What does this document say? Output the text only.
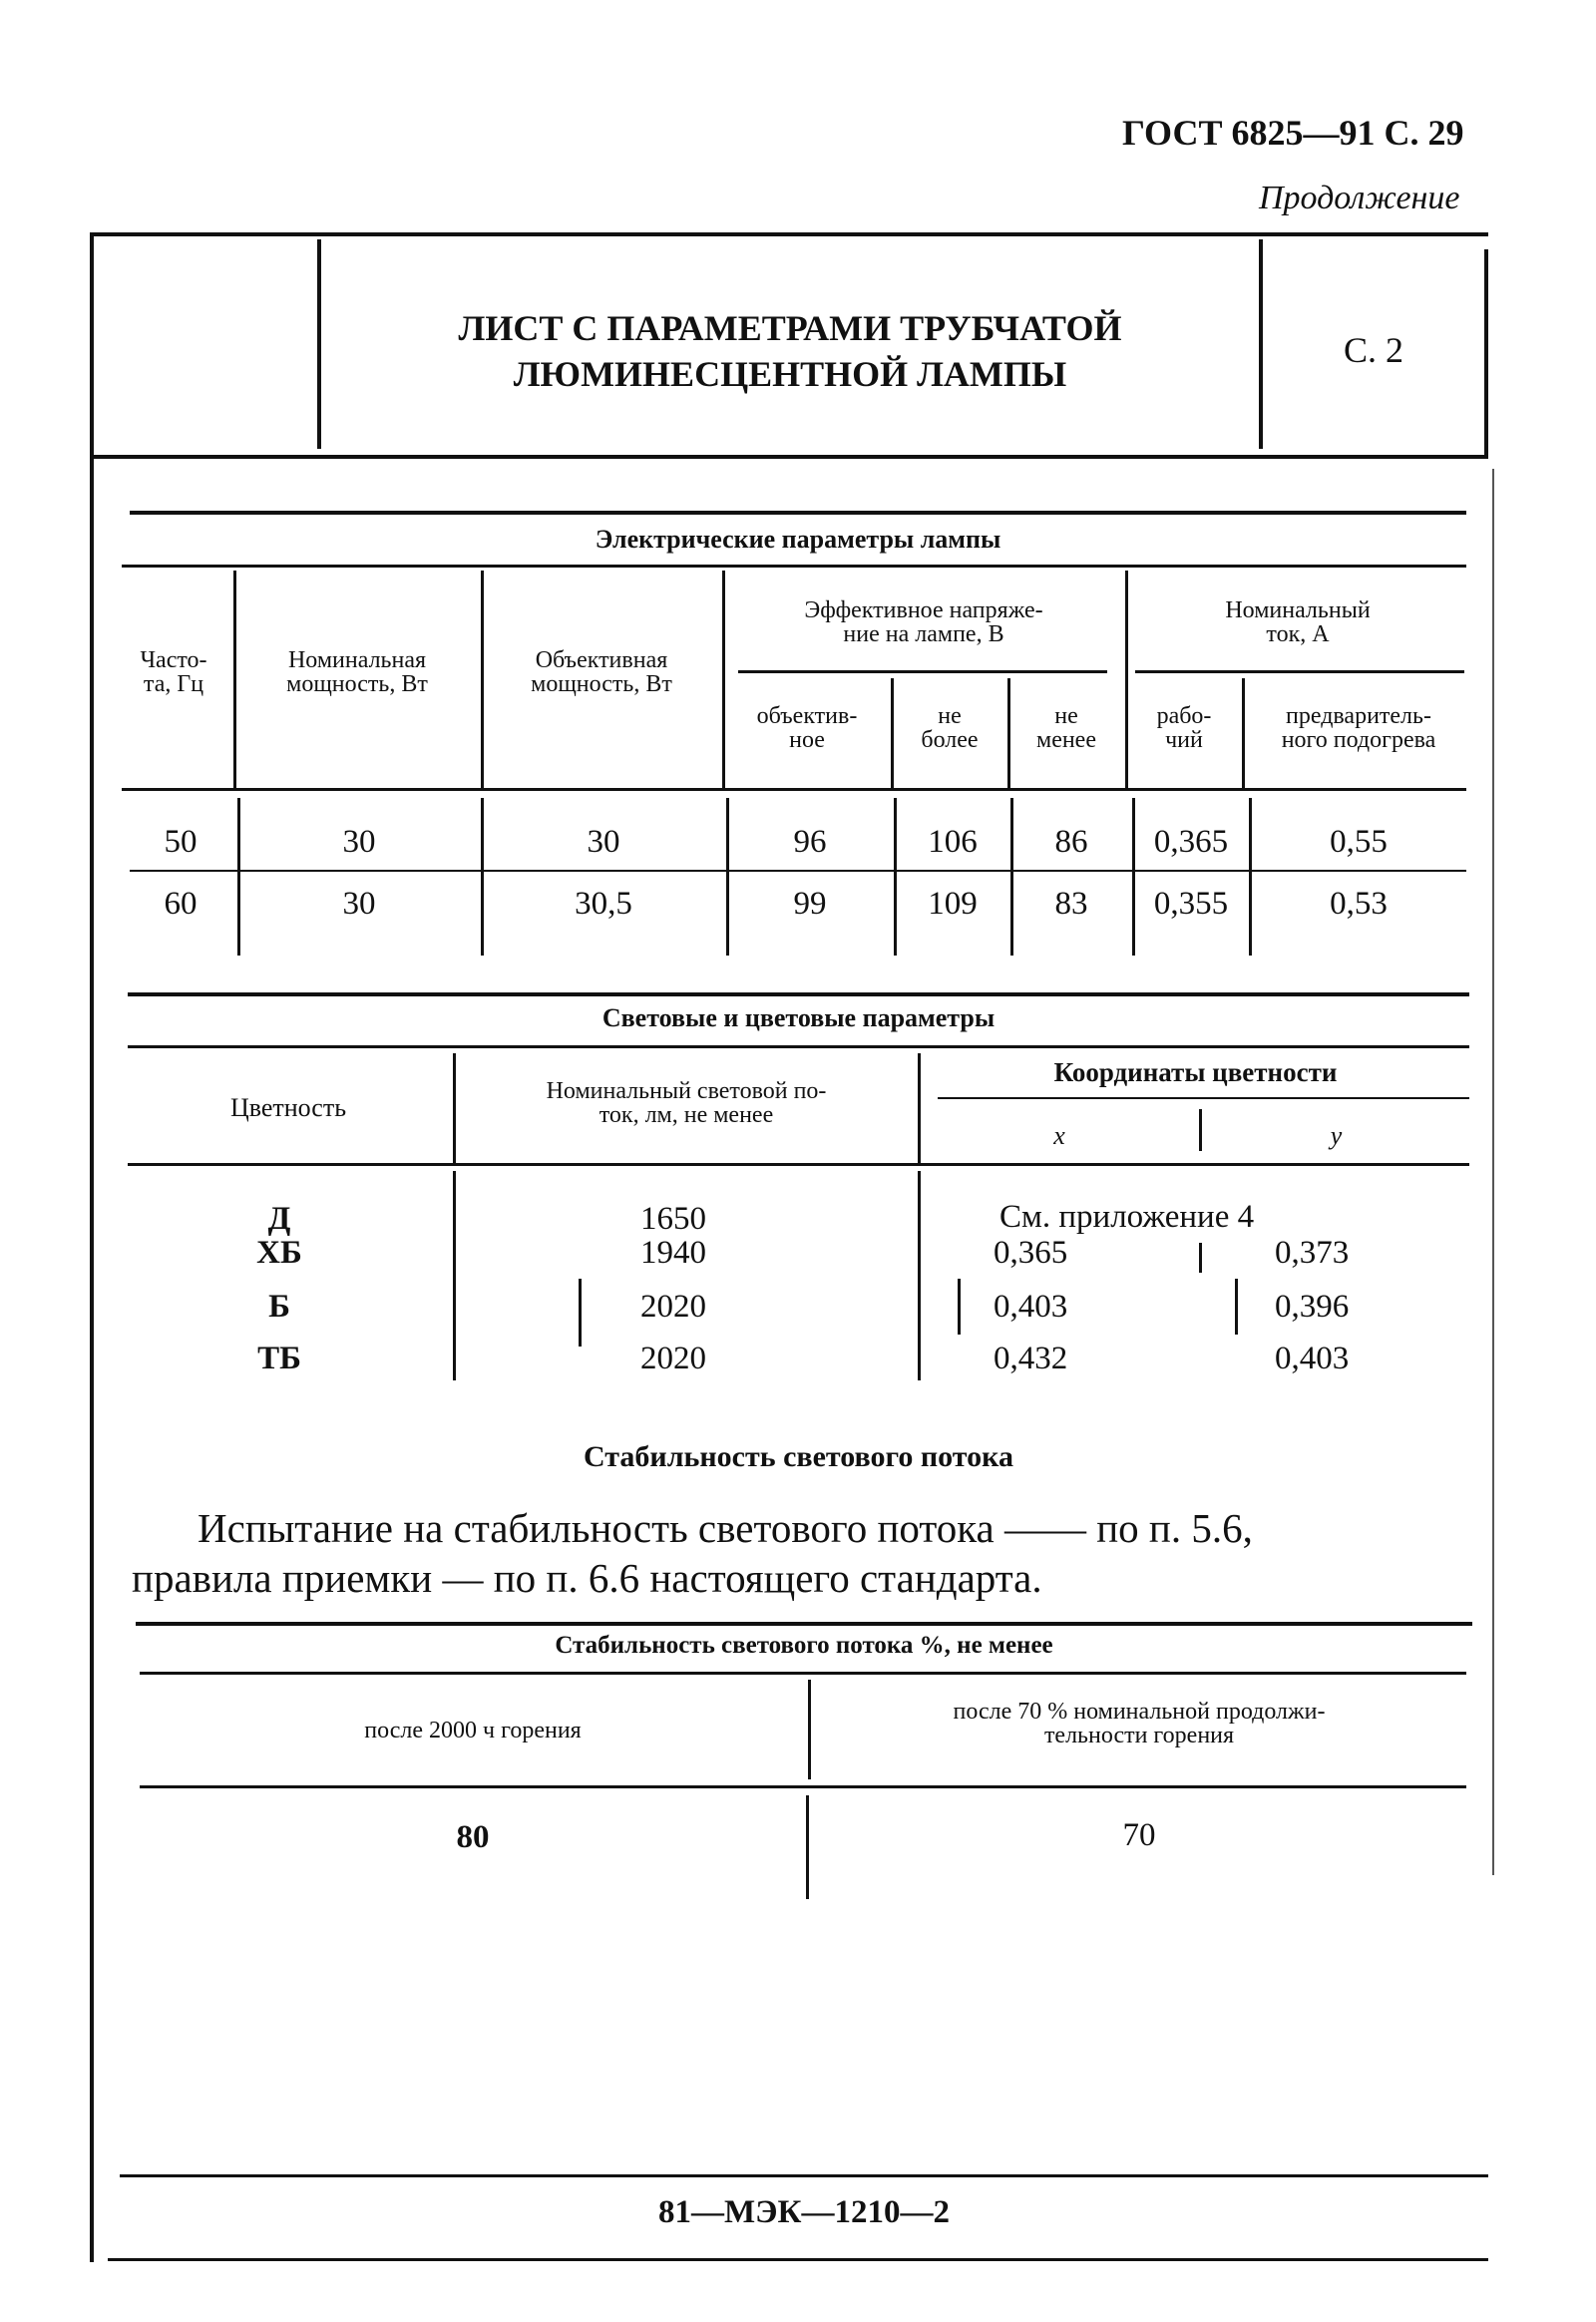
ГОСТ 6825—91 С. 29
Продолжение
ЛИСТ С ПАРАМЕТРАМИ ТРУБЧАТОЙ
ЛЮМИНЕСЦЕНТНОЙ ЛАМПЫ
С. 2
Электрические параметры лампы
Часто-
та, Гц
Номинальная
мощность, Вт
Объективная
мощность, Вт
Эффективное напряже-
ние на лампе, В
объектив-
ное
не
более
не
менее
Номинальный
ток, А
рабо-
чий
предваритель-
ного подогрева
50	30	30	96	106	86	0,365	0,55
60	30	30,5	99	109	83	0,355	0,53
Световые и цветовые параметры
Цветность
Номинальный световой по-
ток, лм, не менее
Координаты цветности
x	y
Д	1650	См. приложение 4
ХБ	1940	0,365	0,373
Б	2020	0,403	0,396
ТБ	2020	0,432	0,403
Стабильность светового потока
Испытание на стабильность светового потока —— по п. 5.6,
правила приемки — по п. 6.6 настоящего стандарта.
Стабильность светового потока %, не менее
после 2000 ч горения
после 70 % номинальной продолжи-
тельности горения
80	70
81—МЭК—1210—2
